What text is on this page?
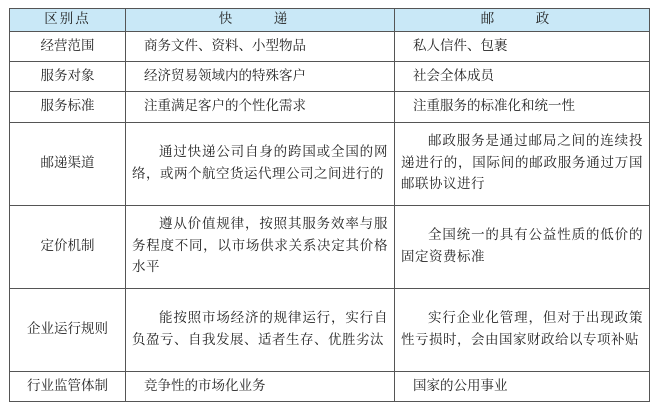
区别点	快　递	邮　政
经营范围	商务文件、资料、小型物品	私人信件、包裹
服务对象	经济贸易领域内的特殊客户	社会全体成员
服务标准	注重满足客户的个性化需求	注重服务的标准化和统一性
邮递渠道	通过快递公司自身的跨国或全国的网络，或两个航空货运代理公司之间进行的	邮政服务是通过邮局之间的连续投递进行的，国际间的邮政服务通过万国邮联协议进行
定价机制	遵从价值规律，按照其服务效率与服务程度不同，以市场供求关系决定其价格水平	全国统一的具有公益性质的低价的固定资费标准
企业运行规则	能按照市场经济的规律运行，实行自负盈亏、自我发展、适者生存、优胜劣汰	实行企业化管理，但对于出现政策性亏损时，会由国家财政给以专项补贴
行业监管体制	竞争性的市场化业务	国家的公用事业
